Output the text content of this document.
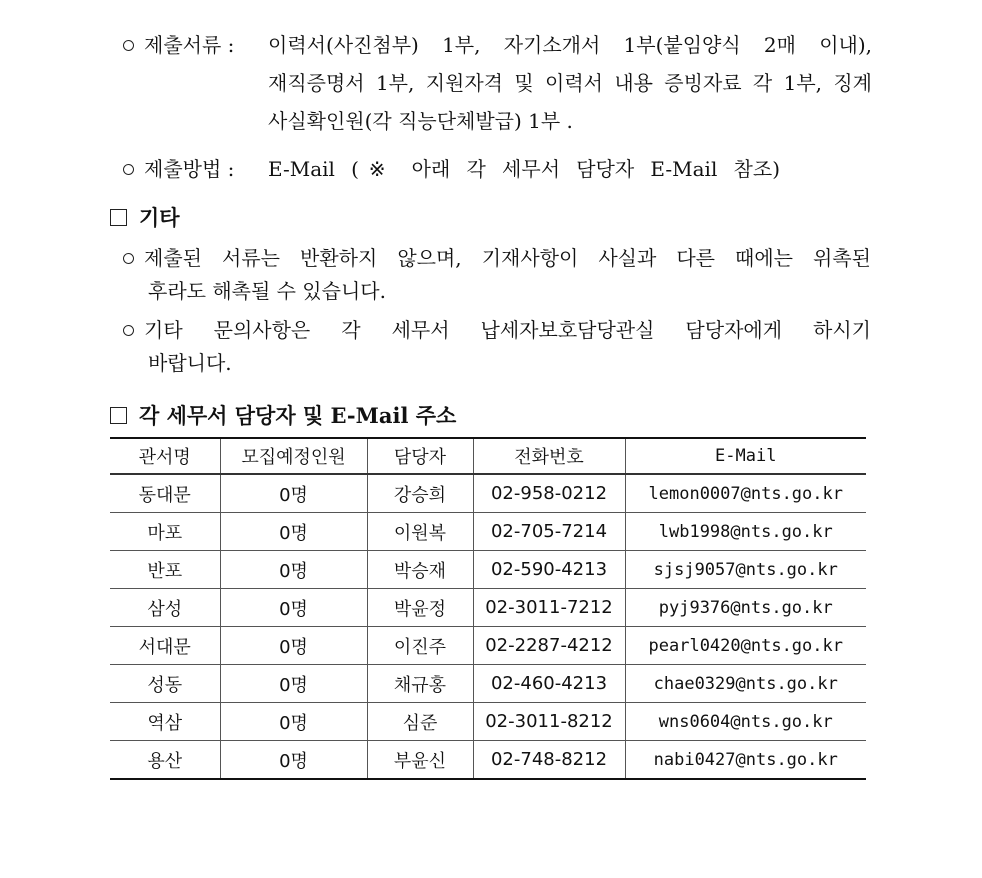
제출서류 : 이력서(사진첨부) 1부, 자기소개서 1부(붙임양식 2매 이내),
재직증명서 1부, 지원자격 및 이력서 내용 증빙자료 각 1부, 징계
사실확인원(각 직능단체발급) 1부 .
제출방법 : E-Mail (※ 아래 각 세무서 담당자 E-Mail 참조)
기타
제출된 서류는 반환하지 않으며, 기재사항이 사실과 다른 때에는 위촉된
후라도 해촉될 수 있습니다.
기타 문의사항은 각 세무서 납세자보호담당관실 담당자에게 하시기
바랍니다.
각 세무서 담당자 및 E-Mail 주소
관서명	모집예정인원	담당자	전화번호	E-Mail
동대문	0명	강승희	02-958-0212	lemon0007@nts.go.kr
마포	0명	이원복	02-705-7214	lwb1998@nts.go.kr
반포	0명	박승재	02-590-4213	sjsj9057@nts.go.kr
삼성	0명	박윤정	02-3011-7212	pyj9376@nts.go.kr
서대문	0명	이진주	02-2287-4212	pearl0420@nts.go.kr
성동	0명	채규홍	02-460-4213	chae0329@nts.go.kr
역삼	0명	심준	02-3011-8212	wns0604@nts.go.kr
용산	0명	부윤신	02-748-8212	nabi0427@nts.go.kr
